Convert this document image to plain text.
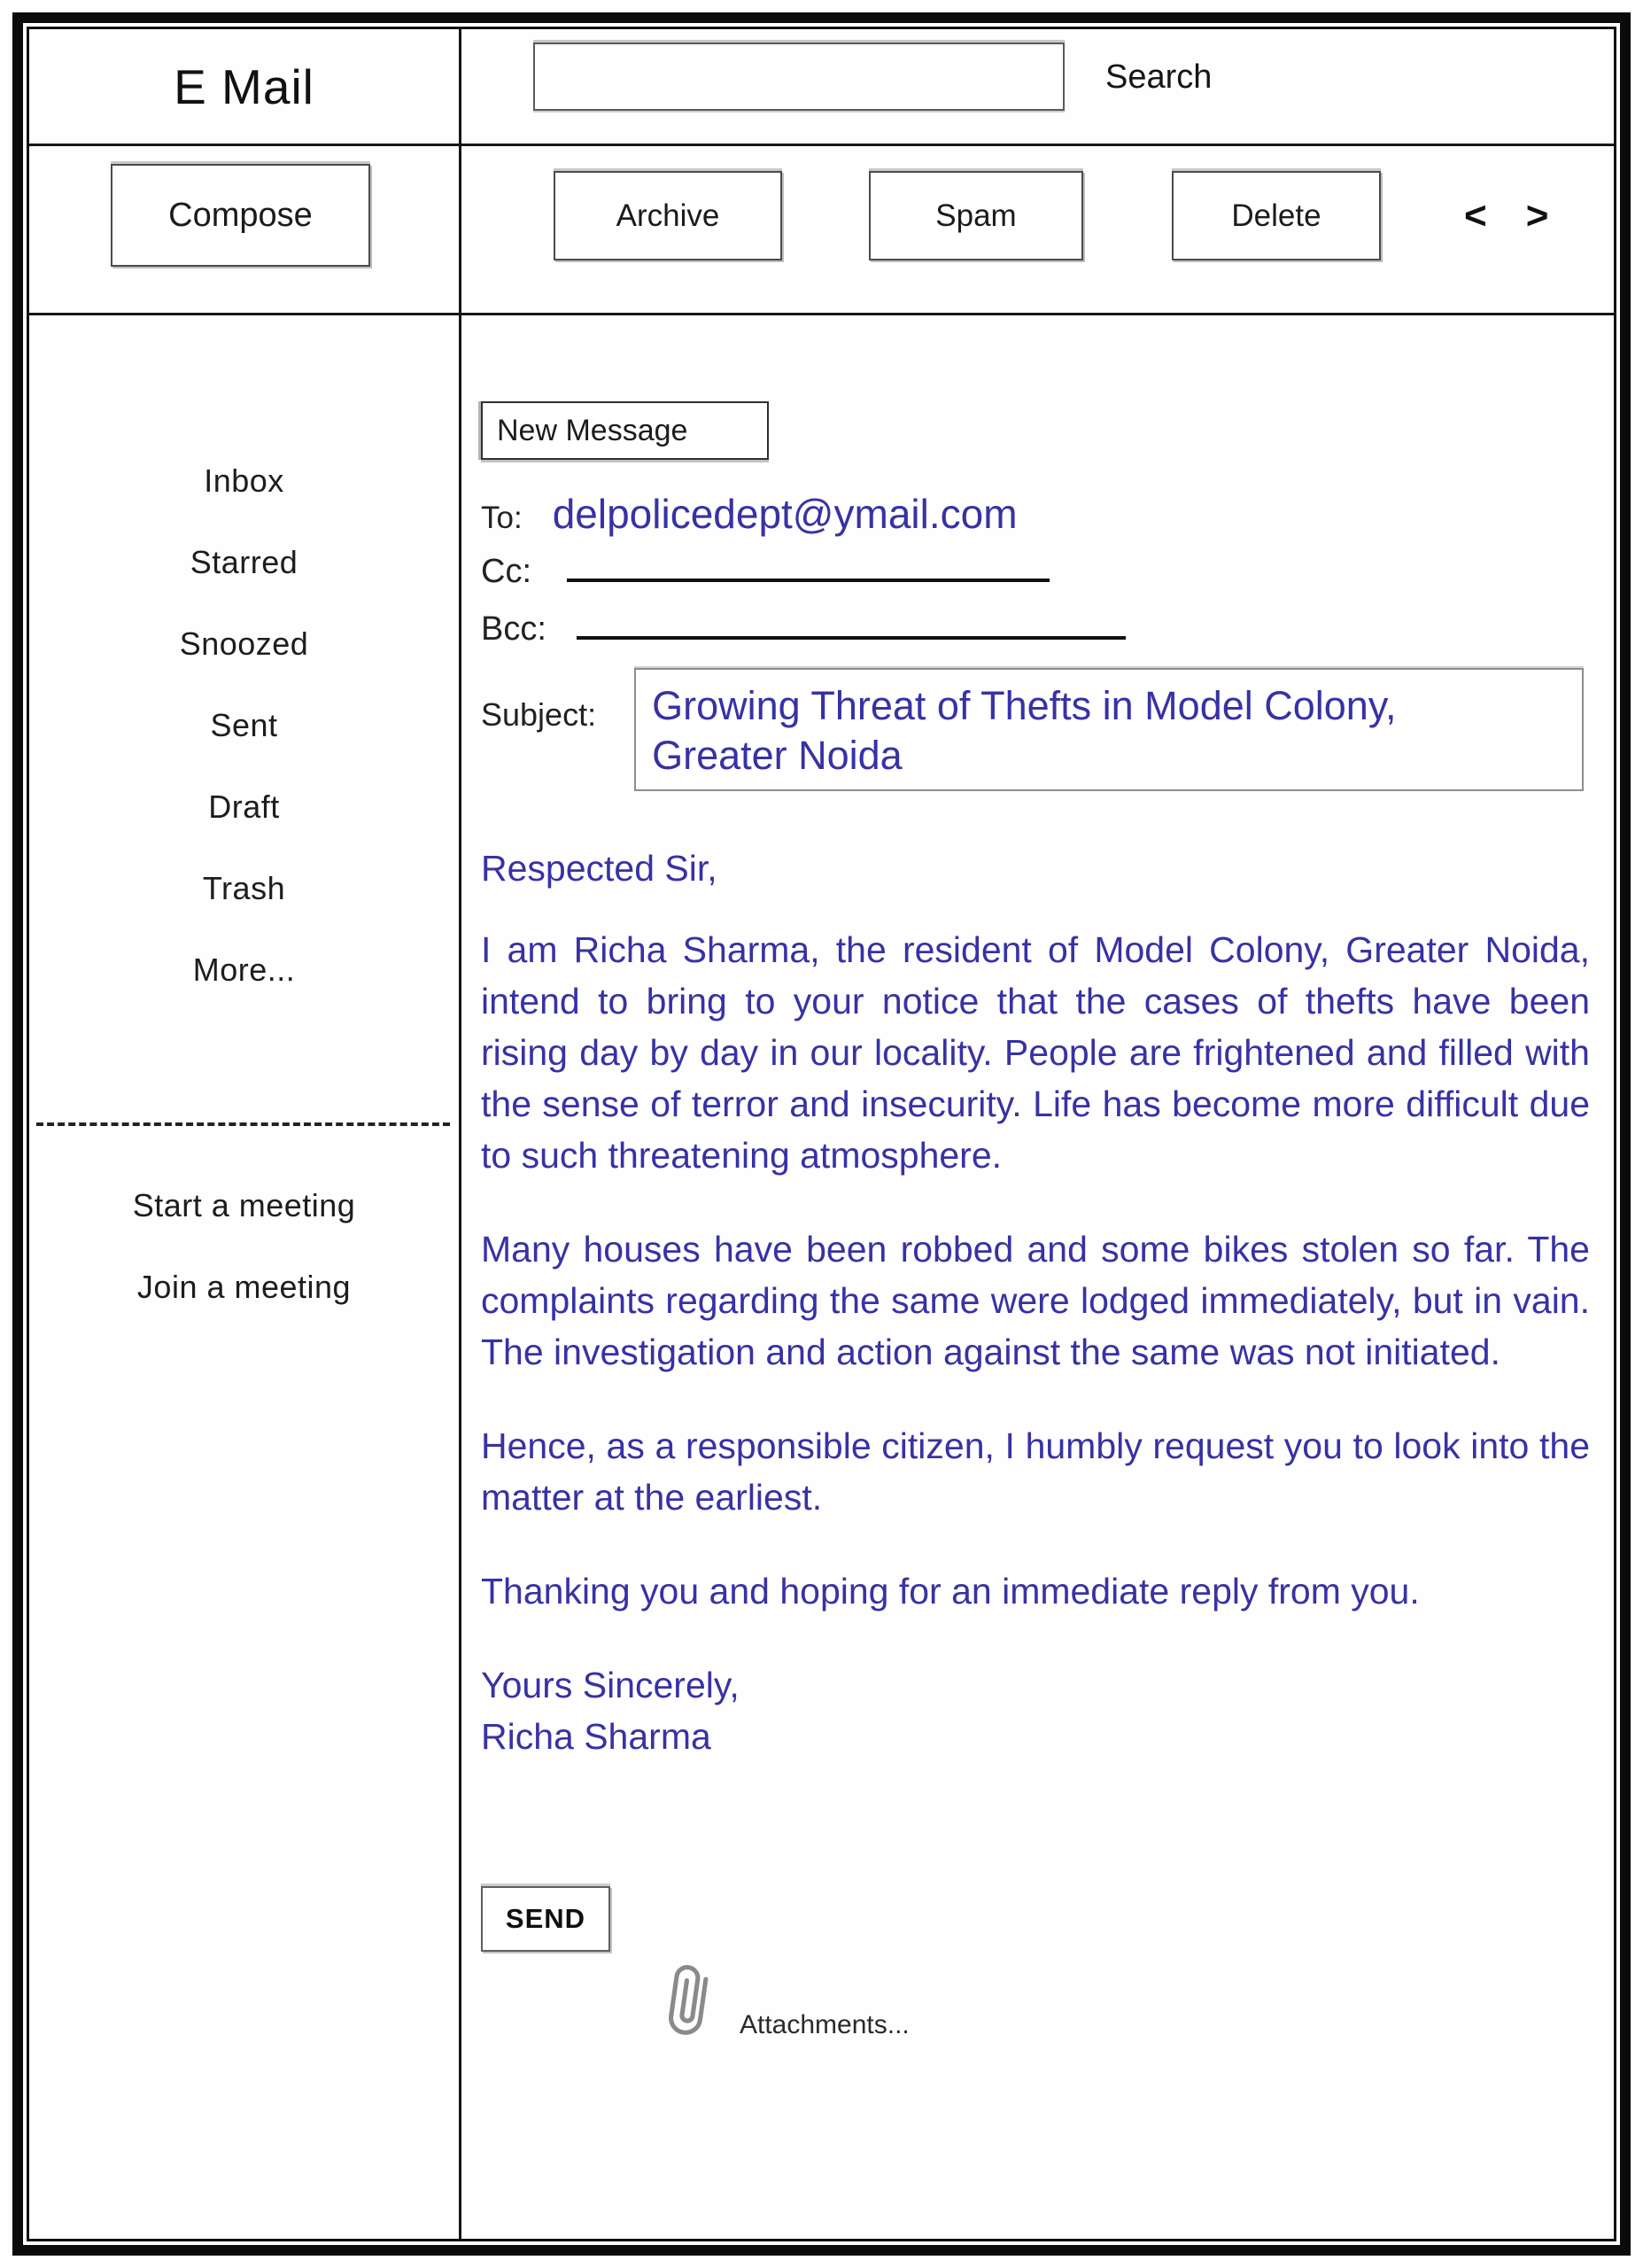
E Mail	Search
Compose	Archive	Spam	Delete	< >
Inbox
Starred
Snoozed
Sent
Draft
Trash
More...
Start a meeting
Join a meeting
New Message
To: delpolicedept@ymail.com
Cc:
Bcc:
Subject:	Growing Threat of Thefts in Model Colony, Greater Noida

Respected Sir,

I am Richa Sharma, the resident of Model Colony, Greater Noida, intend to bring to your notice that the cases of thefts have been rising day by day in our locality. People are frightened and filled with the sense of terror and insecurity. Life has become more difficult due to such threatening atmosphere.

Many houses have been robbed and some bikes stolen so far. The complaints regarding the same were lodged immediately, but in vain. The investigation and action against the same was not initiated.

Hence, as a responsible citizen, I humbly request you to look into the matter at the earliest.

Thanking you and hoping for an immediate reply from you.

Yours Sincerely,
Richa Sharma
SEND
Attachments...
